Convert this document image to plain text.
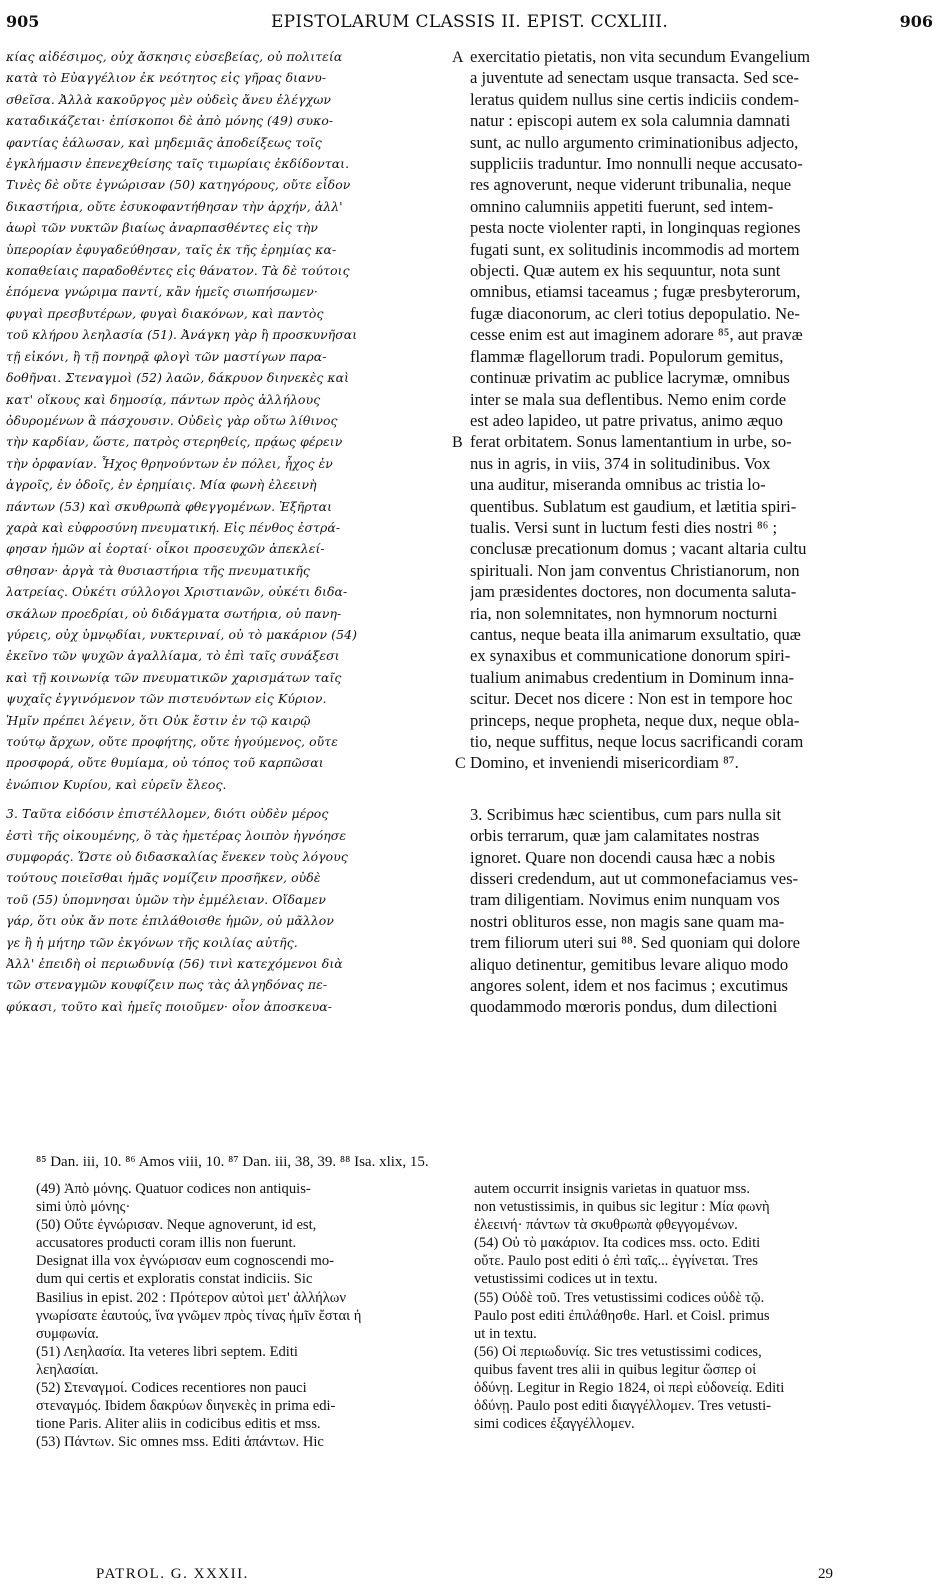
905	EPISTOLARUM CLASSIS II. EPIST. CCXLIII.	906
κίας αἰδέσιμος, οὐχ ἄσκησις εὐσεβείας, οὐ πολιτεία
κατὰ τὸ Εὐαγγέλιον ἐκ νεότητος εἰς γῆρας διανυ-
σθεῖσα. Ἀλλὰ κακοῦργος μὲν οὐδεὶς ἄνευ ἐλέγχων
καταδικάζεται· ἐπίσκοποι δὲ ἀπὸ μόνης (49) συκο-
φαντίας ἑάλωσαν, καὶ μηδεμιᾶς ἀποδείξεως τοῖς
ἐγκλήμασιν ἐπενεχθείσης ταῖς τιμωρίαις ἐκδίδονται.
Τινὲς δὲ οὔτε ἐγνώρισαν (50) κατηγόρους, οὔτε εἶδον
δικαστήρια, οὔτε ἐσυκοφαντήθησαν τὴν ἀρχήν, ἀλλ'
ἀωρὶ τῶν νυκτῶν βιαίως ἀναρπασθέντες εἰς τὴν
ὑπερορίαν ἐφυγαδεύθησαν, ταῖς ἐκ τῆς ἐρημίας κα-
κοπαθείαις παραδοθέντες εἰς θάνατον. Τὰ δὲ τούτοις
ἑπόμενα γνώριμα παντί, κἂν ἡμεῖς σιωπήσωμεν·
φυγαὶ πρεσβυτέρων, φυγαὶ διακόνων, καὶ παντὸς
τοῦ κλήρου λεηλασία (51). Ἀνάγκη γὰρ ἢ προσκυνῆσαι
τῇ εἰκόνι, ἢ τῇ πονηρᾷ φλογὶ τῶν μαστίγων παρα-
δοθῆναι. Στεναγμοὶ (52) λαῶν, δάκρυον διηνεκὲς καὶ
κατ' οἴκους καὶ δημοσίᾳ, πάντων πρὸς ἀλλήλους
ὀδυρομένων ἃ πάσχουσιν. Οὐδεὶς γὰρ οὕτω λίθινος
τὴν καρδίαν, ὥστε, πατρὸς στερηθείς, πρᾴως φέρειν
τὴν ὀρφανίαν. Ἦχος θρηνούντων ἐν πόλει, ἦχος ἐν
ἀγροῖς, ἐν ὁδοῖς, ἐν ἐρημίαις. Μία φωνὴ ἐλεεινὴ
πάντων (53) καὶ σκυθρωπὰ φθεγγομένων. Ἐξῆρται
χαρὰ καὶ εὐφροσύνη πνευματική. Εἰς πένθος ἐστρά-
φησαν ἡμῶν αἱ ἑορταί· οἶκοι προσευχῶν ἀπεκλεί-
σθησαν· ἀργὰ τὰ θυσιαστήρια τῆς πνευματικῆς
λατρείας. Οὐκέτι σύλλογοι Χριστιανῶν, οὐκέτι διδα-
σκάλων προεδρίαι, οὐ διδάγματα σωτήρια, οὐ πανη-
γύρεις, οὐχ ὑμνῳδίαι, νυκτεριναί, οὐ τὸ μακάριον (54)
ἐκεῖνο τῶν ψυχῶν ἀγαλλίαμα, τὸ ἐπὶ ταῖς συνάξεσι
καὶ τῇ κοινωνίᾳ τῶν πνευματικῶν χαρισμάτων ταῖς
ψυχαῖς ἐγγινόμενον τῶν πιστευόντων εἰς Κύριον.
Ἡμῖν πρέπει λέγειν, ὅτι Οὐκ ἔστιν ἐν τῷ καιρῷ
τούτῳ ἄρχων, οὔτε προφήτης, οὔτε ἡγούμενος, οὔτε
προσφορά, οὔτε θυμίαμα, οὐ τόπος τοῦ καρπῶσαι
ἐνώπιον Κυρίου, καὶ εὑρεῖν ἔλεος.
3. Ταῦτα εἰδόσιν ἐπιστέλλομεν, διότι οὐδὲν μέρος
ἐστὶ τῆς οἰκουμένης, ὃ τὰς ἡμετέρας λοιπὸν ἠγνόησε
συμφοράς. Ὥστε οὐ διδασκαλίας ἕνεκεν τοὺς λόγους
τούτους ποιεῖσθαι ἡμᾶς νομίζειν προσῆκεν, οὐδὲ
τοῦ (55) ὑπομνησαι ὑμῶν τὴν ἐμμέλειαν. Οἴδαμεν
γάρ, ὅτι οὐκ ἄν ποτε ἐπιλάθοισθε ἡμῶν, οὐ μᾶλλον
γε ἢ ἡ μήτηρ τῶν ἐκγόνων τῆς κοιλίας αὐτῆς.
Ἀλλ' ἐπειδὴ οἱ περιωδυνίᾳ (56) τινὶ κατεχόμενοι διὰ
τῶν στεναγμῶν κουφίζειν πως τὰς ἀλγηδόνας πε-
φύκασι, τοῦτο καὶ ἡμεῖς ποιοῦμεν· οἷον ἀποσκευα-
exercitatio pietatis, non vita secundum Evangelium
a juventute ad senectam usque transacta. Sed sce-
leratus quidem nullus sine certis indiciis condem-
natur : episcopi autem ex sola calumnia damnati
sunt, ac nullo argumento criminationibus adjecto,
suppliciis traduntur. Imo nonnulli neque accusato-
res agnoverunt, neque viderunt tribunalia, neque
omnino calumniis appetiti fuerunt, sed intem-
pesta nocte violenter rapti, in longinquas regiones
fugati sunt, ex solitudinis incommodis ad mortem
objecti. Quæ autem ex his sequuntur, nota sunt
omnibus, etiamsi taceamus ; fugæ presbyterorum,
fugæ diaconorum, ac cleri totius depopulatio. Ne-
cesse enim est aut imaginem adorare ⁸⁵, aut pravæ
flammæ flagellorum tradi. Populorum gemitus,
continuæ privatim ac publice lacrymæ, omnibus
inter se mala sua deflentibus. Nemo enim corde
est adeo lapideo, ut patre privatus, animo æquo
ferat orbitatem. Sonus lamentantium in urbe, so-
nus in agris, in viis, 374 in solitudinibus. Vox
una auditur, miseranda omnibus ac tristia lo-
quentibus. Sublatum est gaudium, et lætitia spiri-
tualis. Versi sunt in luctum festi dies nostri ⁸⁶ ;
conclusæ precationum domus ; vacant altaria cultu
spirituali. Non jam conventus Christianorum, non
jam præsidentes doctores, non documenta saluta-
ria, non solemnitates, non hymnorum nocturni
cantus, neque beata illa animarum exsultatio, quæ
ex synaxibus et communicatione donorum spiri-
tualium animabus credentium in Dominum inna-
scitur. Decet nos dicere : Non est in tempore hoc
princeps, neque propheta, neque dux, neque obla-
tio, neque suffitus, neque locus sacrificandi coram
Domino, et inveniendi misericordiam ⁸⁷.
3. Scribimus hæc scientibus, cum pars nulla sit
orbis terrarum, quæ jam calamitates nostras
ignoret. Quare non docendi causa hæc a nobis
disseri credendum, aut ut commonefaciamus ves-
tram diligentiam. Novimus enim nunquam vos
nostri oblituros esse, non magis sane quam ma-
trem filiorum uteri sui ⁸⁸. Sed quoniam qui dolore
aliquo detinentur, gemitibus levare aliquo modo
angores solent, idem et nos facimus ; excutimus
quodammodo mœroris pondus, dum dilectioni
A
B
C
⁸⁵ Dan. iii, 10. ⁸⁶ Amos viii, 10. ⁸⁷ Dan. iii, 38, 39. ⁸⁸ Isa. xlix, 15.
(49) Ἀπὸ μόνης. Quatuor codices non antiquis-
simi ὑπὸ μόνης·
(50) Οὔτε ἐγνώρισαν. Neque agnoverunt, id est,
accusatores producti coram illis non fuerunt.
Designat illa vox ἐγνώρισαν eum cognoscendi mo-
dum qui certis et exploratis constat indiciis. Sic
Basilius in epist. 202 : Πρότερον αὐτοὶ μετ' ἀλλήλων
γνωρίσατε ἑαυτούς, ἵνα γνῶμεν πρὸς τίνας ἡμῖν ἔσται ἡ
συμφωνία.
(51) Λεηλασία. Ita veteres libri septem. Editi
λεηλασίαι.
(52) Στεναγμοί. Codices recentiores non pauci
στεναγμός. Ibidem δακρύων διηνεκὲς in prima edi-
tione Paris. Aliter aliis in codicibus editis et mss.
(53) Πάντων. Sic omnes mss. Editi ἁπάντων. Hic
autem occurrit insignis varietas in quatuor mss.
non vetustissimis, in quibus sic legitur : Μία φωνὴ
ἐλεεινή· πάντων τὰ σκυθρωπὰ φθεγγομένων.
(54) Οὐ τὸ μακάριον. Ita codices mss. octo. Editi
οὔτε. Paulo post editi ὁ ἐπὶ ταῖς... ἐγγίνεται. Tres
vetustissimi codices ut in textu.
(55) Οὐδὲ τοῦ. Tres vetustissimi codices οὐδὲ τῷ.
Paulo post editi ἐπιλάθησθε. Harl. et Coisl. primus
ut in textu.
(56) Οἱ περιωδυνίᾳ. Sic tres vetustissimi codices,
quibus favent tres alii in quibus legitur ὥσπερ οἱ
ὀδύνῃ. Legitur in Regio 1824, οἱ περὶ εὐδονείᾳ. Editi
ὀδύνῃ. Paulo post editi διαγγέλλομεν. Tres vetusti-
simi codices ἐξαγγέλλομεν.
PATROL. G. XXXII.	29
